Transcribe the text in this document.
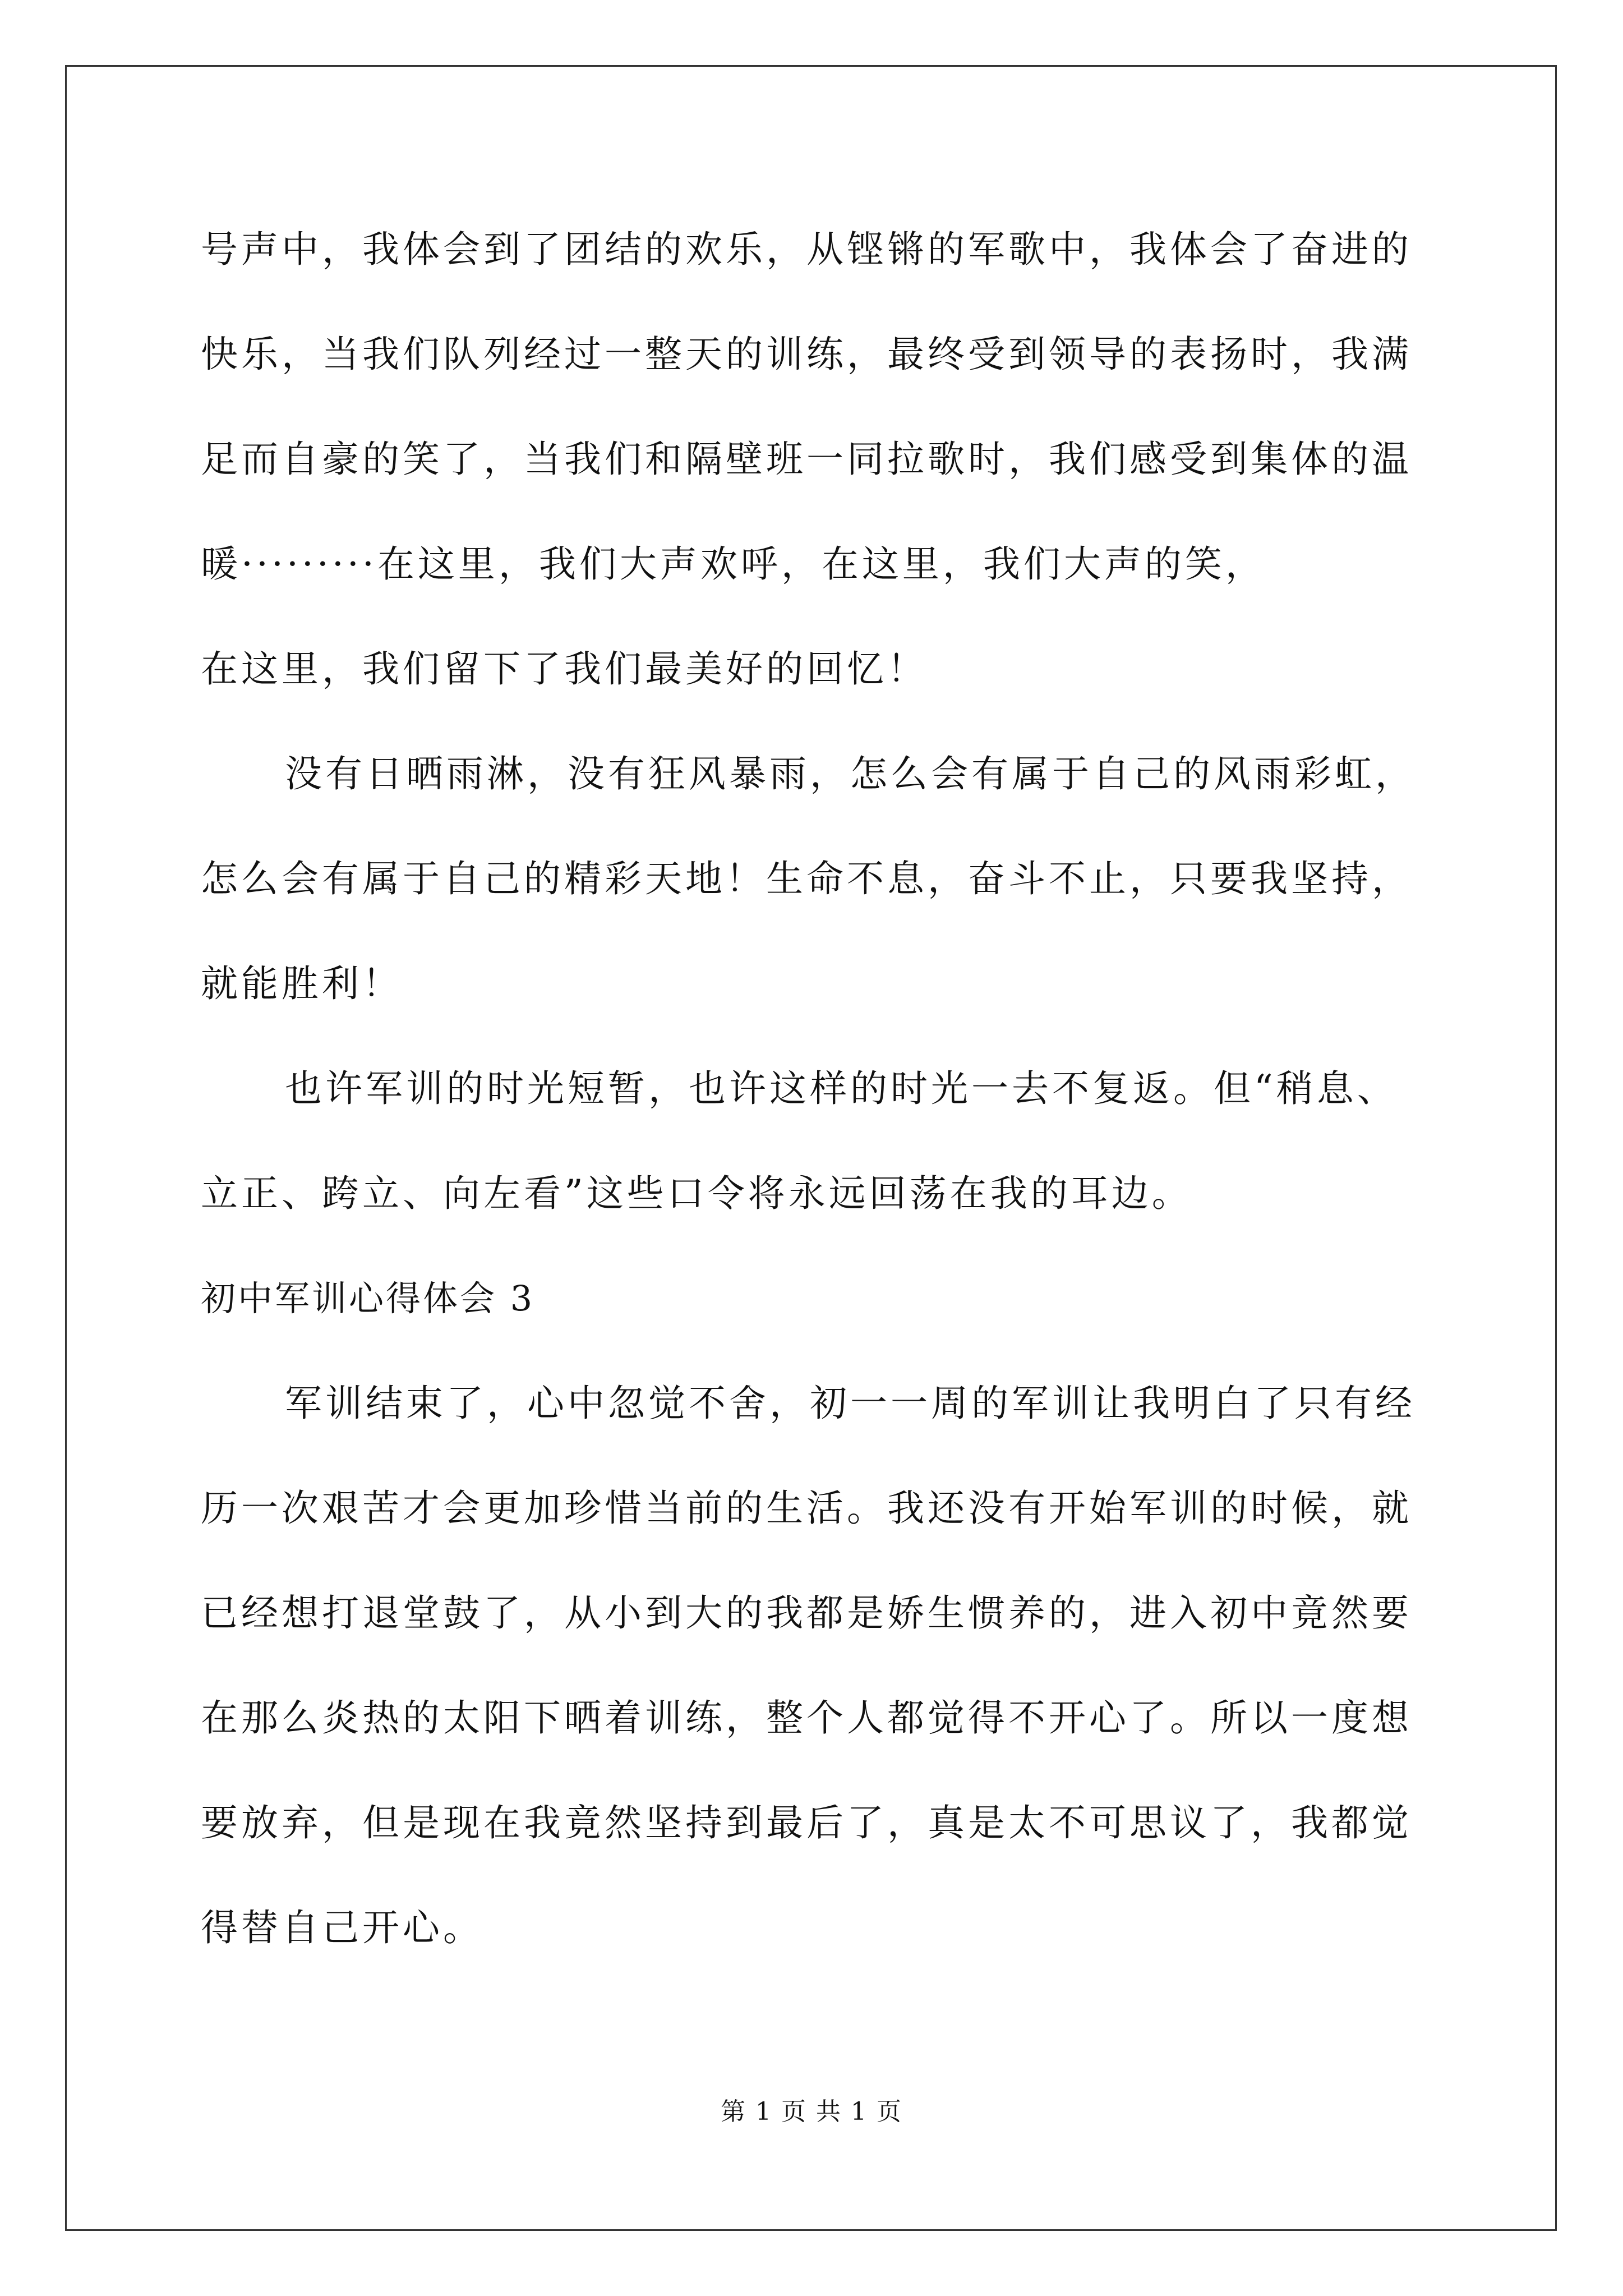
号声中，我体会到了团结的欢乐，从铿锵的军歌中，我体会了奋进的
快乐，当我们队列经过一整天的训练，最终受到领导的表扬时，我满
足而自豪的笑了，当我们和隔壁班一同拉歌时，我们感受到集体的温
暖·········在这里，我们大声欢呼，在这里，我们大声的笑，
在这里，我们留下了我们最美好的回忆！
没有日晒雨淋，没有狂风暴雨，怎么会有属于自己的风雨彩虹，
怎么会有属于自己的精彩天地！生命不息，奋斗不止，只要我坚持，
就能胜利！
也许军训的时光短暂，也许这样的时光一去不复返。但“稍息、
立正、跨立、向左看”这些口令将永远回荡在我的耳边。
初中军训心得体会 3
军训结束了，心中忽觉不舍，初一一周的军训让我明白了只有经
历一次艰苦才会更加珍惜当前的生活。我还没有开始军训的时候，就
已经想打退堂鼓了，从小到大的我都是娇生惯养的，进入初中竟然要
在那么炎热的太阳下晒着训练，整个人都觉得不开心了。所以一度想
要放弃，但是现在我竟然坚持到最后了，真是太不可思议了，我都觉
得替自己开心。
第 1 页 共 1 页
